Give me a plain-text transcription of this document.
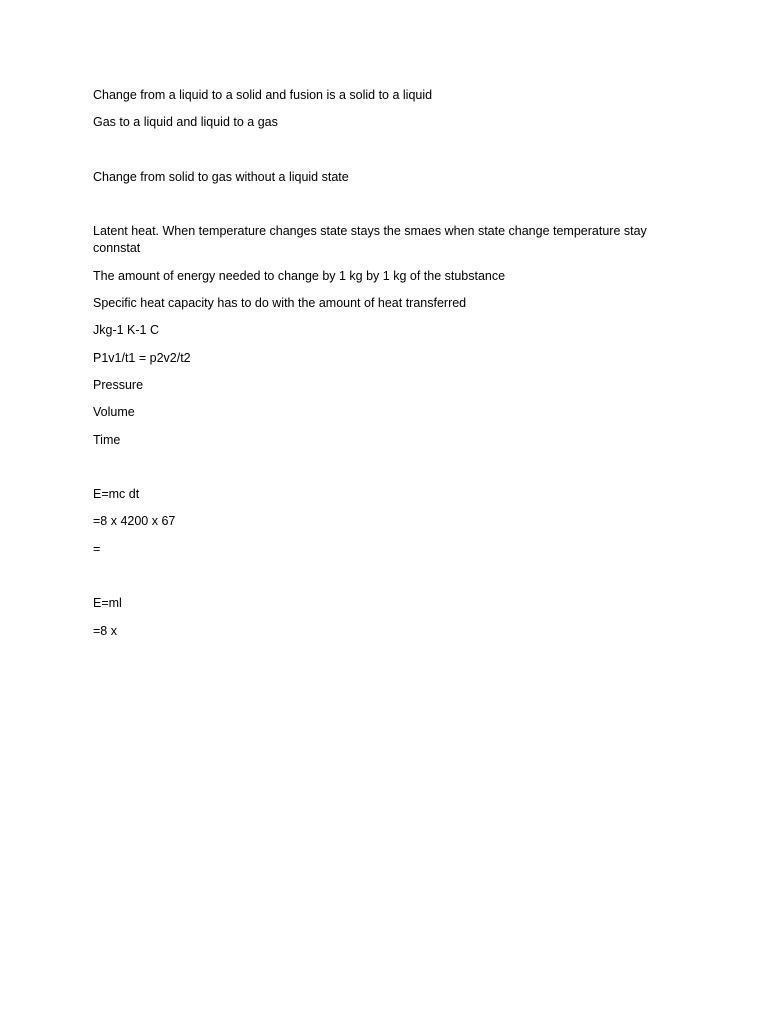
Change from a liquid to a solid and fusion is a solid to a liquid

Gas to a liquid and liquid to a gas

Change from solid to gas without a liquid state

Latent heat. When temperature changes state stays the smaes when state change temperature stay connstat

The amount of energy needed to change by 1 kg by 1 kg of the stubstance

Specific heat capacity has to do with the amount of heat transferred

Jkg-1 K-1 C

P1v1/t1 = p2v2/t2

Pressure

Volume

Time

E=mc dt

=8 x 4200 x 67

=

E=ml

=8 x
